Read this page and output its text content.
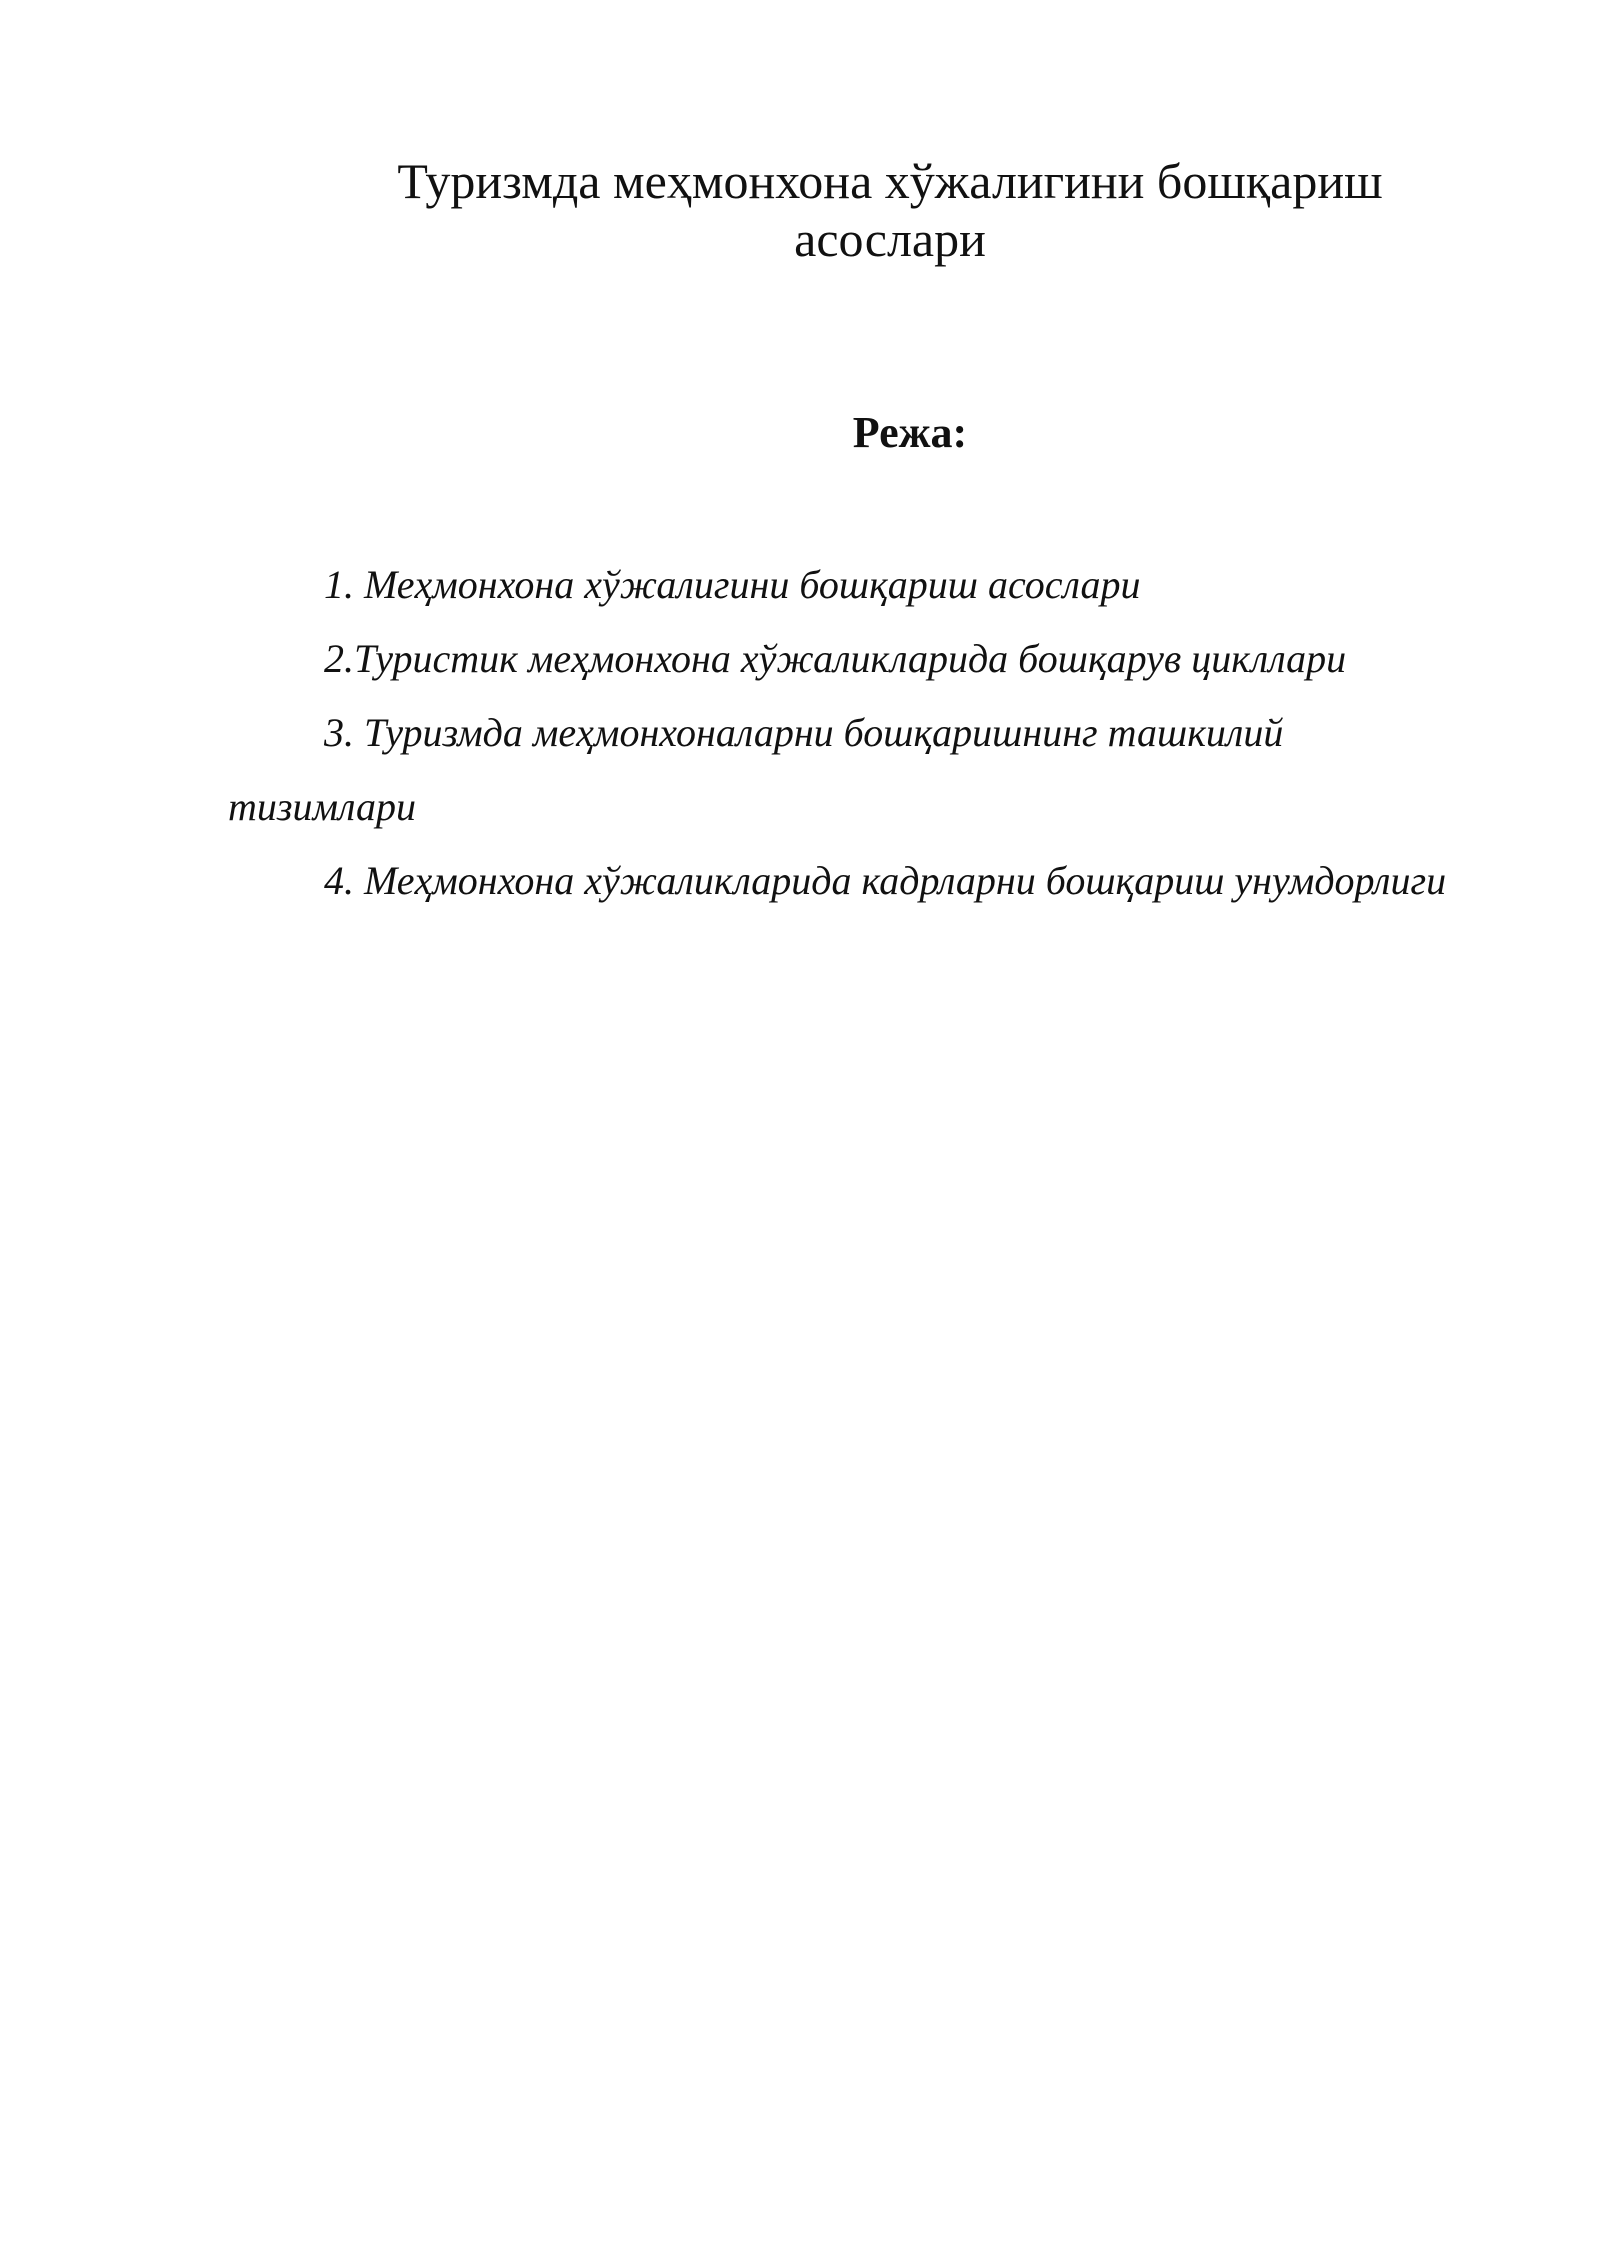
Туризмда меҳмонхона хўжалигини бошқариш
асослари
Режа:
1. Меҳмонхона хўжалигини бошқариш асослари
2.Туристик меҳмонхона хўжаликларида бошқарув цикллари
3. Туризмда меҳмонхоналарни бошқаришнинг ташкилий тизимлари
4. Меҳмонхона хўжаликларида кадрларни бошқариш унумдорлиги
